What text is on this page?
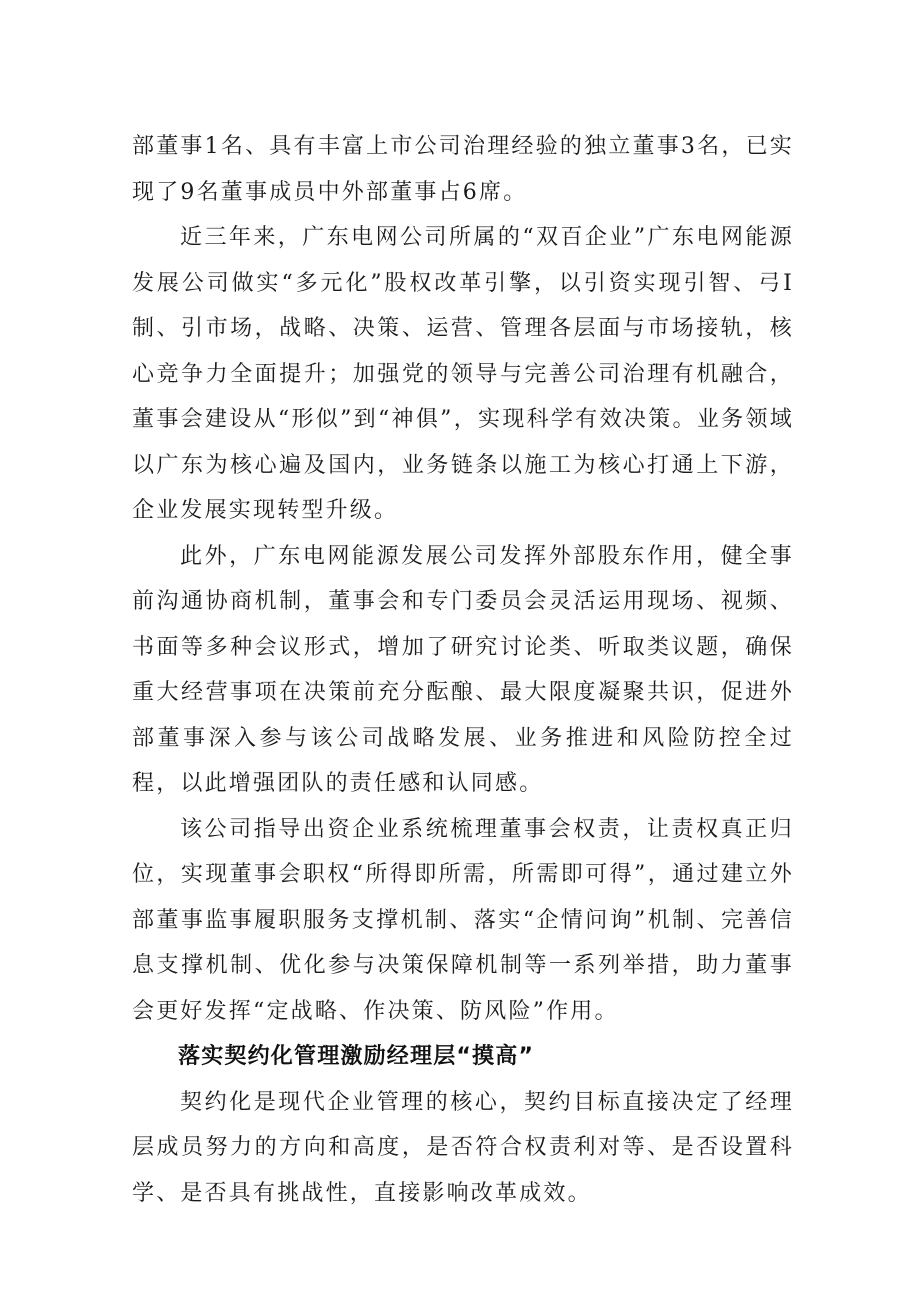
部董事1名、具有丰富上市公司治理经验的独立董事3名，已实现了9名董事成员中外部董事占6席。

近三年来，广东电网公司所属的“双百企业”广东电网能源发展公司做实“多元化”股权改革引擎，以引资实现引智、弓I制、引市场，战略、决策、运营、管理各层面与市场接轨，核心竞争力全面提升；加强党的领导与完善公司治理有机融合，董事会建设从“形似”到“神俱”，实现科学有效决策。业务领域以广东为核心遍及国内，业务链条以施工为核心打通上下游，企业发展实现转型升级。

此外，广东电网能源发展公司发挥外部股东作用，健全事前沟通协商机制，董事会和专门委员会灵活运用现场、视频、书面等多种会议形式，增加了研究讨论类、听取类议题，确保重大经营事项在决策前充分酝酿、最大限度凝聚共识，促进外部董事深入参与该公司战略发展、业务推进和风险防控全过程，以此增强团队的责任感和认同感。

该公司指导出资企业系统梳理董事会权责，让责权真正归位，实现董事会职权“所得即所需，所需即可得”，通过建立外部董事监事履职服务支撑机制、落实“企情问询”机制、完善信息支撑机制、优化参与决策保障机制等一系列举措，助力董事会更好发挥“定战略、作决策、防风险”作用。

落实契约化管理激励经理层“摸高”

契约化是现代企业管理的核心，契约目标直接决定了经理层成员努力的方向和高度，是否符合权责利对等、是否设置科学、是否具有挑战性，直接影响改革成效。
